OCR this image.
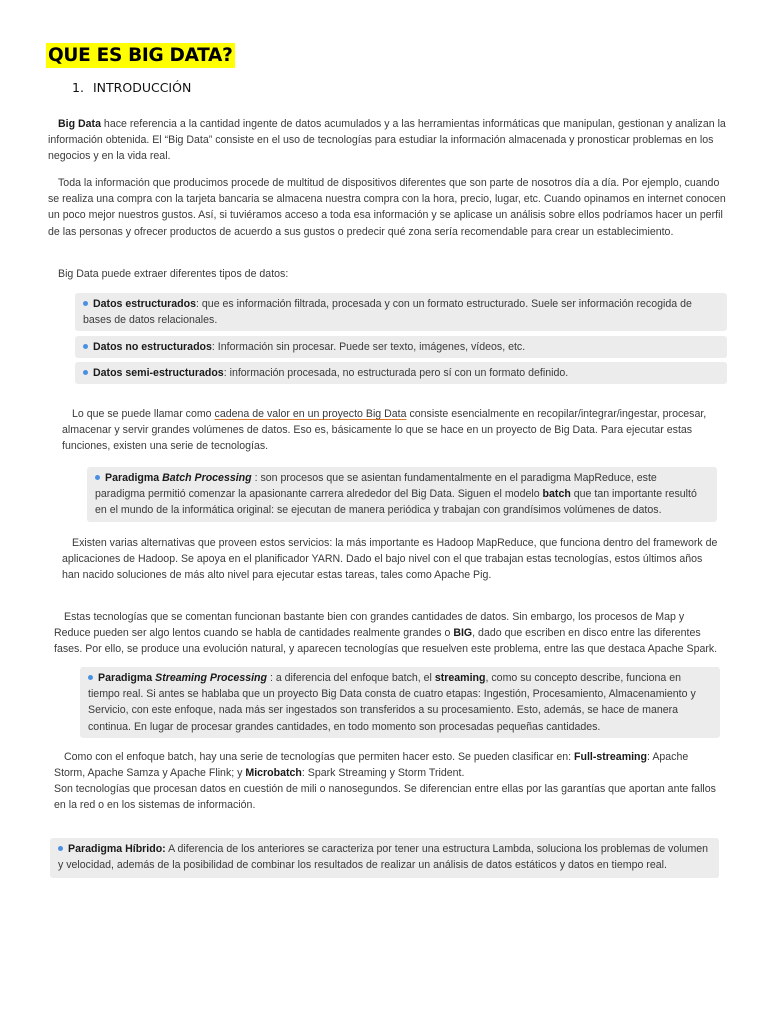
QUE ES BIG DATA?
1. INTRODUCCIÓN

Big Data hace referencia a la cantidad ingente de datos acumulados y a las herramientas informáticas que manipulan, gestionan y analizan la información obtenida. El “Big Data” consiste en el uso de tecnologías para estudiar la información almacenada y pronosticar problemas en los negocios y en la vida real.

Toda la información que producimos procede de multitud de dispositivos diferentes que son parte de nosotros día a día. Por ejemplo, cuando se realiza una compra con la tarjeta bancaria se almacena nuestra compra con la hora, precio, lugar, etc. Cuando opinamos en internet conocen un poco mejor nuestros gustos. Así, si tuviéramos acceso a toda esa información y se aplicase un análisis sobre ellos podríamos hacer un perfil de las personas y ofrecer productos de acuerdo a sus gustos o predecir qué zona sería recomendable para crear un establecimiento.

Big Data puede extraer diferentes tipos de datos:

Datos estructurados: que es información filtrada, procesada y con un formato estructurado. Suele ser información recogida de bases de datos relacionales.
Datos no estructurados: Información sin procesar. Puede ser texto, imágenes, vídeos, etc.
Datos semi-estructurados: información procesada, no estructurada pero sí con un formato definido.

Lo que se puede llamar como cadena de valor en un proyecto Big Data consiste esencialmente en recopilar/integrar/ingestar, procesar, almacenar y servir grandes volúmenes de datos. Eso es, básicamente lo que se hace en un proyecto de Big Data. Para ejecutar estas funciones, existen una serie de tecnologías.

Paradigma Batch Processing : son procesos que se asientan fundamentalmente en el paradigma MapReduce, este paradigma permitió comenzar la apasionante carrera alrededor del Big Data. Siguen el modelo batch que tan importante resultó en el mundo de la informática original: se ejecutan de manera periódica y trabajan con grandísimos volúmenes de datos.

Existen varias alternativas que proveen estos servicios: la más importante es Hadoop MapReduce, que funciona dentro del framework de aplicaciones de Hadoop. Se apoya en el planificador YARN. Dado el bajo nivel con el que trabajan estas tecnologías, estos últimos años han nacido soluciones de más alto nivel para ejecutar estas tareas, tales como Apache Pig.

Estas tecnologías que se comentan funcionan bastante bien con grandes cantidades de datos. Sin embargo, los procesos de Map y Reduce pueden ser algo lentos cuando se habla de cantidades realmente grandes o BIG, dado que escriben en disco entre las diferentes fases. Por ello, se produce una evolución natural, y aparecen tecnologías que resuelven este problema, entre las que destaca Apache Spark.

Paradigma Streaming Processing : a diferencia del enfoque batch, el streaming, como su concepto describe, funciona en tiempo real. Si antes se hablaba que un proyecto Big Data consta de cuatro etapas: Ingestión, Procesamiento, Almacenamiento y Servicio, con este enfoque, nada más ser ingestados son transferidos a su procesamiento. Esto, además, se hace de manera continua. En lugar de procesar grandes cantidades, en todo momento son procesadas pequeñas cantidades.

Como con el enfoque batch, hay una serie de tecnologías que permiten hacer esto. Se pueden clasificar en: Full-streaming: Apache Storm, Apache Samza y Apache Flink; y Microbatch: Spark Streaming y Storm Trident.

Son tecnologías que procesan datos en cuestión de mili o nanosegundos. Se diferencian entre ellas por las garantías que aportan ante fallos en la red o en los sistemas de información.

Paradigma Híbrido: A diferencia de los anteriores se caracteriza por tener una estructura Lambda, soluciona los problemas de volumen y velocidad, además de la posibilidad de combinar los resultados de realizar un análisis de datos estáticos y datos en tiempo real.
